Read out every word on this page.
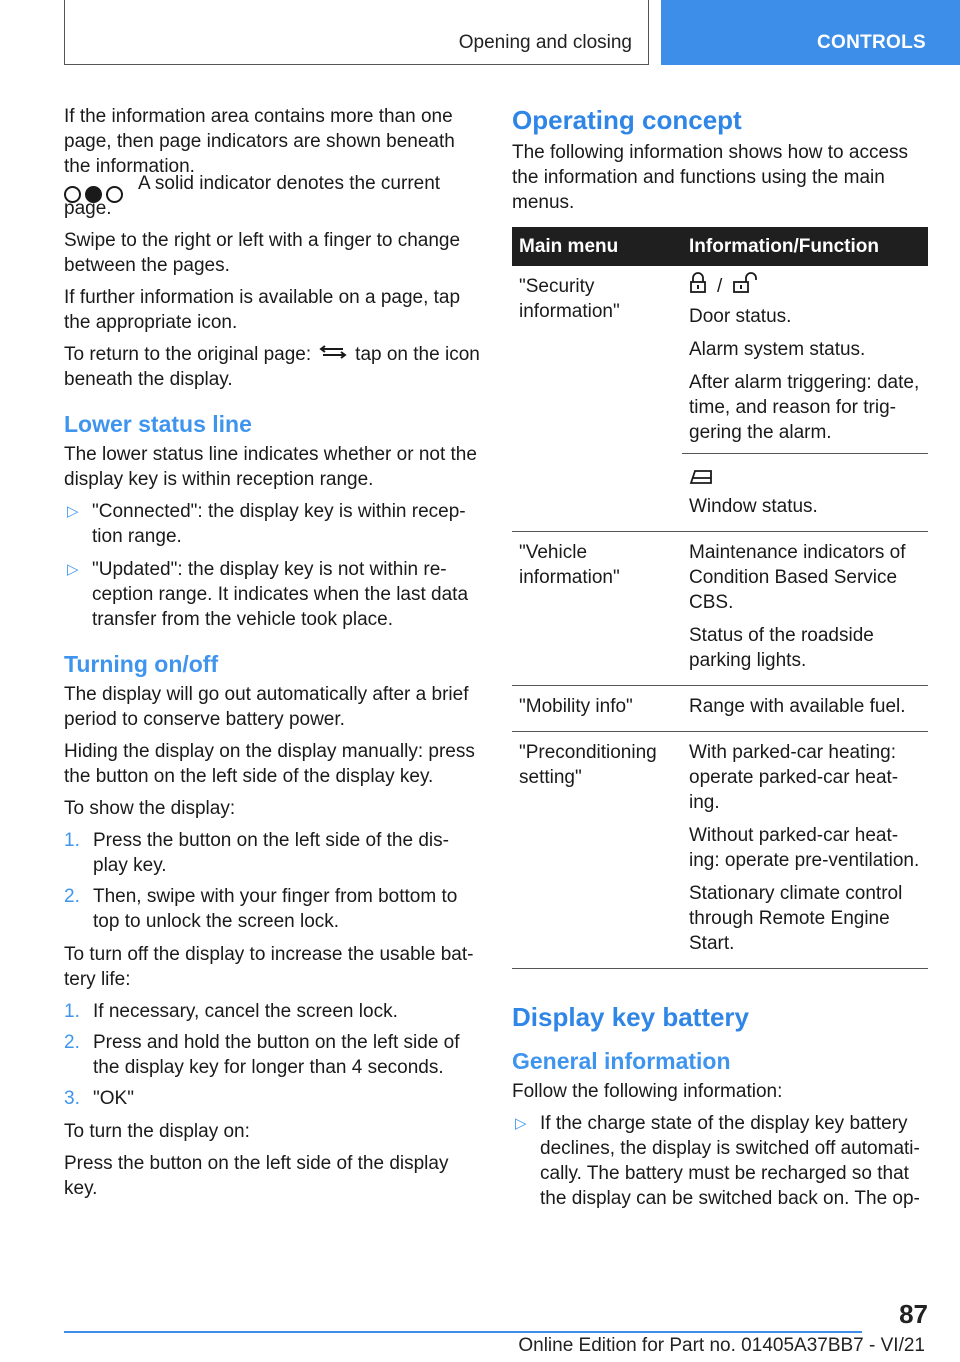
Opening and closing	CONTROLS

If the information area contains more than one page, then page indicators are shown beneath the information.

A solid indicator denotes the current page.

Swipe to the right or left with a finger to change between the pages.

If further information is available on a page, tap the appropriate icon.

To return to the original page: tap on the icon beneath the display.

Lower status line

The lower status line indicates whether or not the display key is within reception range.

▷ "Connected": the display key is within recep‐tion range.
▷ "Updated": the display key is not within re‐ception range. It indicates when the last data transfer from the vehicle took place.
Turning on/off

The display will go out automatically after a brief period to conserve battery power.

Hiding the display on the display manually: press the button on the left side of the display key.

To show the display:

1. Press the button on the left side of the dis‐play key.
2. Then, swipe with your finger from bottom to top to unlock the screen lock.

To turn off the display to increase the usable bat‐tery life:

1. If necessary, cancel the screen lock.
2. Press and hold the button on the left side of the display key for longer than 4 seconds.
3. "OK"

To turn the display on:

Press the button on the left side of the display key.

Operating concept

The following information shows how to access the information and functions using the main menus.

Main menu	Information/Function
"Security information"	/

Door status.

Alarm system status.

After alarm triggering: date, time, and reason for trig‐gering the alarm.

Window status.

"Vehicle information"	Maintenance indicators of Condition Based Service CBS.

Status of the roadside parking lights.

"Mobility info"	Range with available fuel.

"Preconditioning setting"	With parked-car heating: operate parked-car heat‐ing.

Without parked-car heat‐ing: operate pre-ventilation.

Stationary climate control through Remote Engine Start.

Display key battery
General information

Follow the following information:

▷ If the charge state of the display key battery declines, the display is switched off automati‐cally. The battery must be recharged so that the display can be switched back on. The op‐
87
Online Edition for Part no. 01405A37BB7 - VI/21
